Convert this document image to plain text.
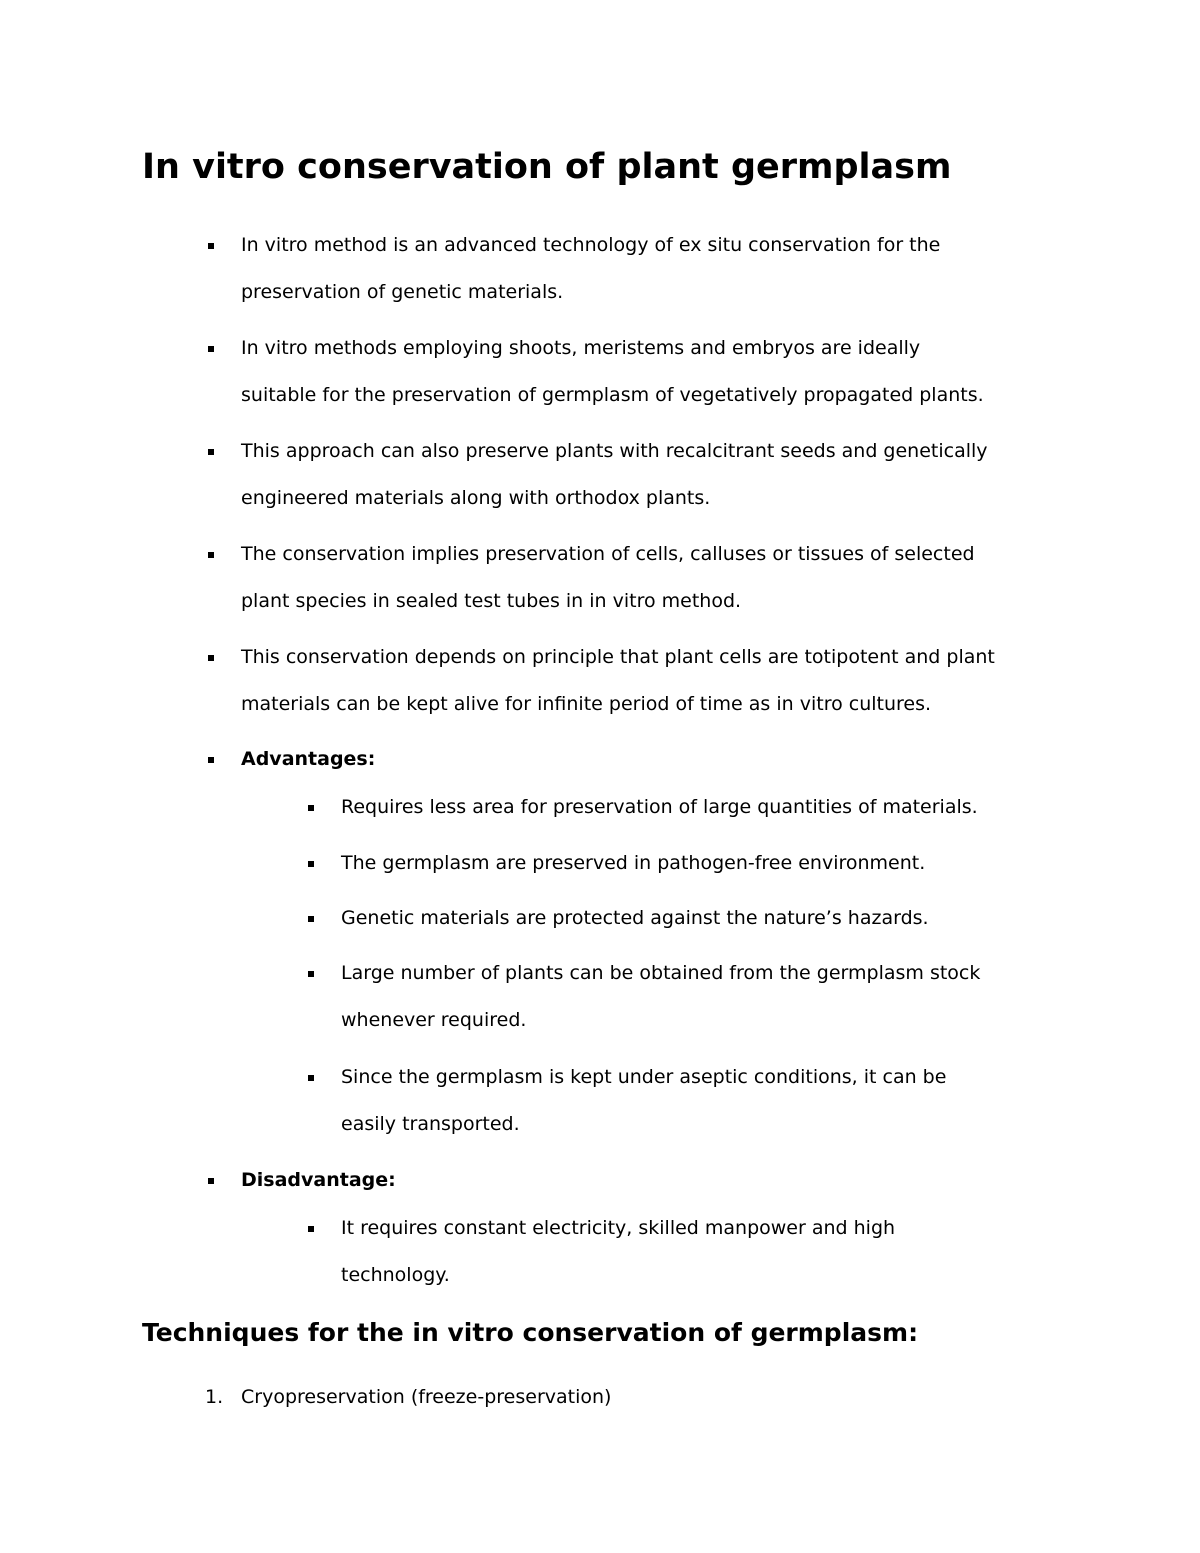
In vitro conservation of plant germplasm
In vitro method is an advanced technology of ex situ conservation for the
preservation of genetic materials.
In vitro methods employing shoots, meristems and embryos are ideally
suitable for the preservation of germplasm of vegetatively propagated plants.
This approach can also preserve plants with recalcitrant seeds and genetically
engineered materials along with orthodox plants.
The conservation implies preservation of cells, calluses or tissues of selected
plant species in sealed test tubes in in vitro method.
This conservation depends on principle that plant cells are totipotent and plant
materials can be kept alive for infinite period of time as in vitro cultures.
Advantages:
Requires less area for preservation of large quantities of materials.
The germplasm are preserved in pathogen-free environment.
Genetic materials are protected against the nature’s hazards.
Large number of plants can be obtained from the germplasm stock
whenever required.
Since the germplasm is kept under aseptic conditions, it can be
easily transported.
Disadvantage:
It requires constant electricity, skilled manpower and high
technology.
Techniques for the in vitro conservation of germplasm:
1. Cryopreservation (freeze-preservation)
